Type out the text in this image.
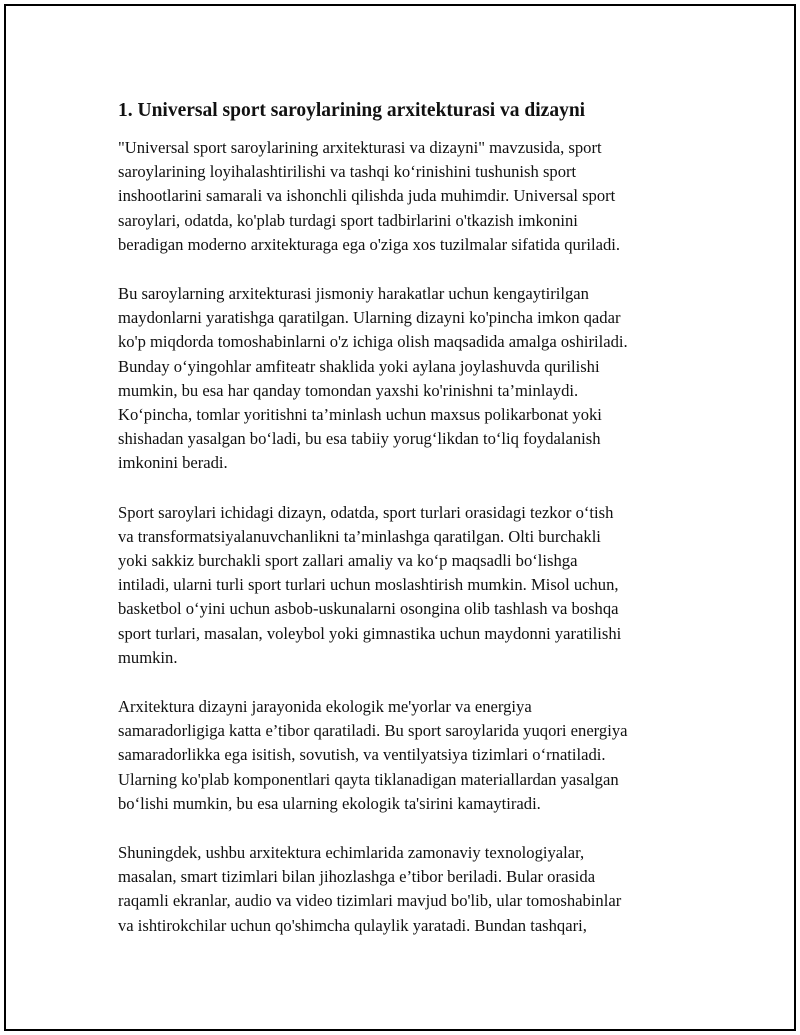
1. Universal sport saroylarining arxitekturasi va dizayni

"Universal sport saroylarining arxitekturasi va dizayni" mavzusida, sport
saroylarining loyihalashtirilishi va tashqi ko‘rinishini tushunish sport
inshootlarini samarali va ishonchli qilishda juda muhimdir. Universal sport
saroylari, odatda, ko'plab turdagi sport tadbirlarini o'tkazish imkonini
beradigan moderno arxitekturaga ega o'ziga xos tuzilmalar sifatida quriladi.

Bu saroylarning arxitekturasi jismoniy harakatlar uchun kengaytirilgan
maydonlarni yaratishga qaratilgan. Ularning dizayni ko'pincha imkon qadar
ko'p miqdorda tomoshabinlarni o'z ichiga olish maqsadida amalga oshiriladi.
Bunday o‘yingohlar amfiteatr shaklida yoki aylana joylashuvda qurilishi
mumkin, bu esa har qanday tomondan yaxshi ko'rinishni ta’minlaydi.
Ko‘pincha, tomlar yoritishni ta’minlash uchun maxsus polikarbonat yoki
shishadan yasalgan bo‘ladi, bu esa tabiiy yorug‘likdan to‘liq foydalanish
imkonini beradi.

Sport saroylari ichidagi dizayn, odatda, sport turlari orasidagi tezkor o‘tish
va transformatsiyalanuvchanlikni ta’minlashga qaratilgan. Olti burchakli
yoki sakkiz burchakli sport zallari amaliy va ko‘p maqsadli bo‘lishga
intiladi, ularni turli sport turlari uchun moslashtirish mumkin. Misol uchun,
basketbol o‘yini uchun asbob-uskunalarni osongina olib tashlash va boshqa
sport turlari, masalan, voleybol yoki gimnastika uchun maydonni yaratilishi
mumkin.

Arxitektura dizayni jarayonida ekologik me'yorlar va energiya
samaradorligiga katta e’tibor qaratiladi. Bu sport saroylarida yuqori energiya
samaradorlikka ega isitish, sovutish, va ventilyatsiya tizimlari o‘rnatiladi.
Ularning ko'plab komponentlari qayta tiklanadigan materiallardan yasalgan
bo‘lishi mumkin, bu esa ularning ekologik ta'sirini kamaytiradi.

Shuningdek, ushbu arxitektura echimlarida zamonaviy texnologiyalar,
masalan, smart tizimlari bilan jihozlashga e’tibor beriladi. Bular orasida
raqamli ekranlar, audio va video tizimlari mavjud bo'lib, ular tomoshabinlar
va ishtirokchilar uchun qo'shimcha qulaylik yaratadi. Bundan tashqari,
